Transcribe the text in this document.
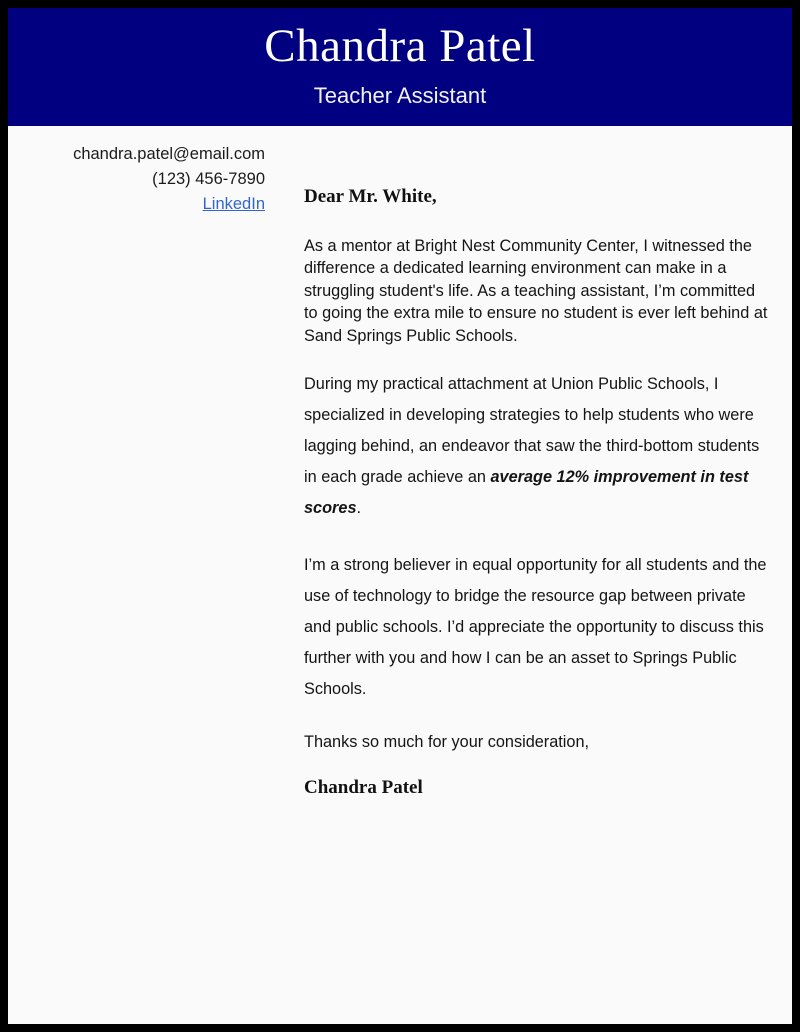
Chandra Patel
Teacher Assistant
chandra.patel@email.com
(123) 456-7890
LinkedIn Dear Mr. White,

As a mentor at Bright Nest Community Center, I witnessed the difference a dedicated learning environment can make in a struggling student's life. As a teaching assistant, I’m committed to going the extra mile to ensure no student is ever left behind at Sand Springs Public Schools.

During my practical attachment at Union Public Schools, I specialized in developing strategies to help students who were lagging behind, an endeavor that saw the third-bottom students in each grade achieve an average 12% improvement in test scores.

I’m a strong believer in equal opportunity for all students and the use of technology to bridge the resource gap between private and public schools. I’d appreciate the opportunity to discuss this further with you and how I can be an asset to Springs Public Schools.

Thanks so much for your consideration,

Chandra Patel
